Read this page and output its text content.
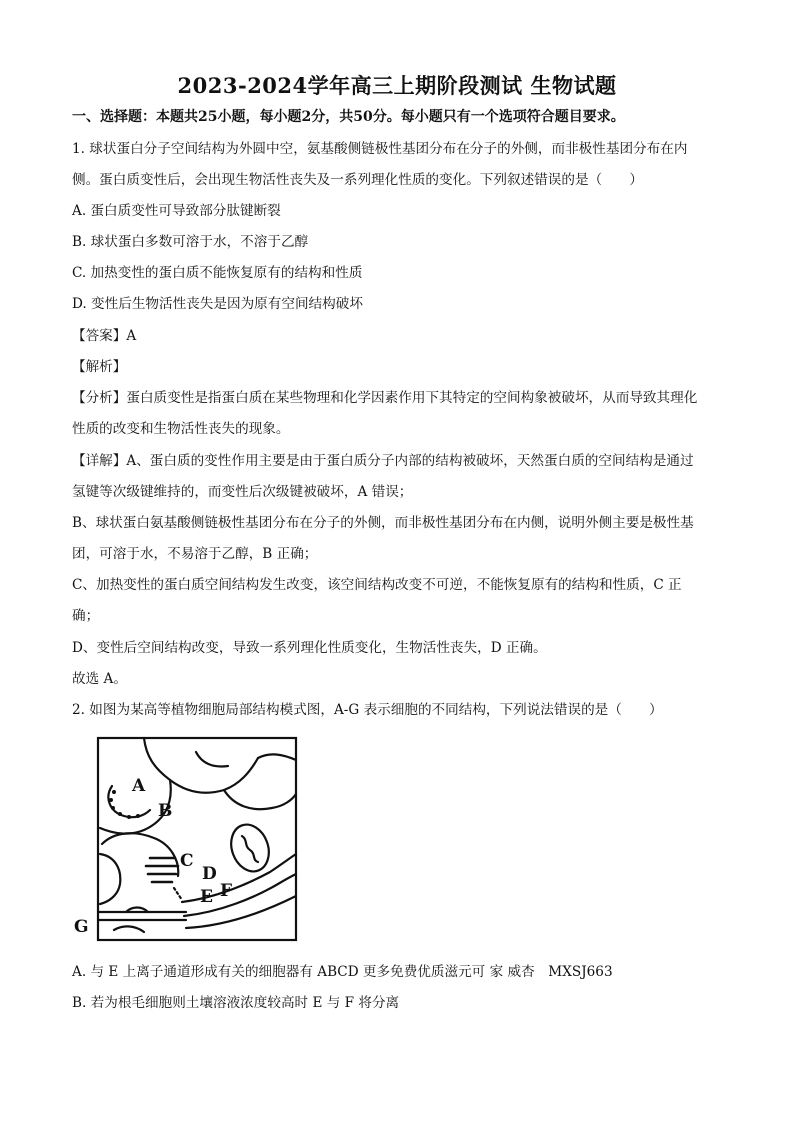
2023-2024学年高三上期阶段测试 生物试题
一、选择题：本题共25小题，每小题2分，共50分。每小题只有一个选项符合题目要求。
1. 球状蛋白分子空间结构为外圆中空，氨基酸侧链极性基团分布在分子的外侧，而非极性基团分布在内
侧。蛋白质变性后，会出现生物活性丧失及一系列理化性质的变化。下列叙述错误的是（　　）
A. 蛋白质变性可导致部分肽键断裂
B. 球状蛋白多数可溶于水，不溶于乙醇
C. 加热变性的蛋白质不能恢复原有的结构和性质
D. 变性后生物活性丧失是因为原有空间结构破坏
【答案】A
【解析】
【分析】蛋白质变性是指蛋白质在某些物理和化学因素作用下其特定的空间构象被破坏，从而导致其理化
性质的改变和生物活性丧失的现象。
【详解】A、蛋白质的变性作用主要是由于蛋白质分子内部的结构被破坏，天然蛋白质的空间结构是通过
氢键等次级键维持的，而变性后次级键被破坏，A 错误；
B、球状蛋白氨基酸侧链极性基团分布在分子的外侧，而非极性基团分布在内侧，说明外侧主要是极性基
团，可溶于水，不易溶于乙醇，B 正确；
C、加热变性的蛋白质空间结构发生改变，该空间结构改变不可逆，不能恢复原有的结构和性质，C 正
确；
D、变性后空间结构改变，导致一系列理化性质变化，生物活性丧失，D 正确。
故选 A。
2. 如图为某高等植物细胞局部结构模式图，A-G 表示细胞的不同结构，下列说法错误的是（　　）
A
B
C
D
E F
G
A. 与 E 上离子通道形成有关的细胞器有 ABCD 更多免费优质滋元可 家 威杏　MXSJ663
B. 若为根毛细胞则土壤溶液浓度较高时 E 与 F 将分离
